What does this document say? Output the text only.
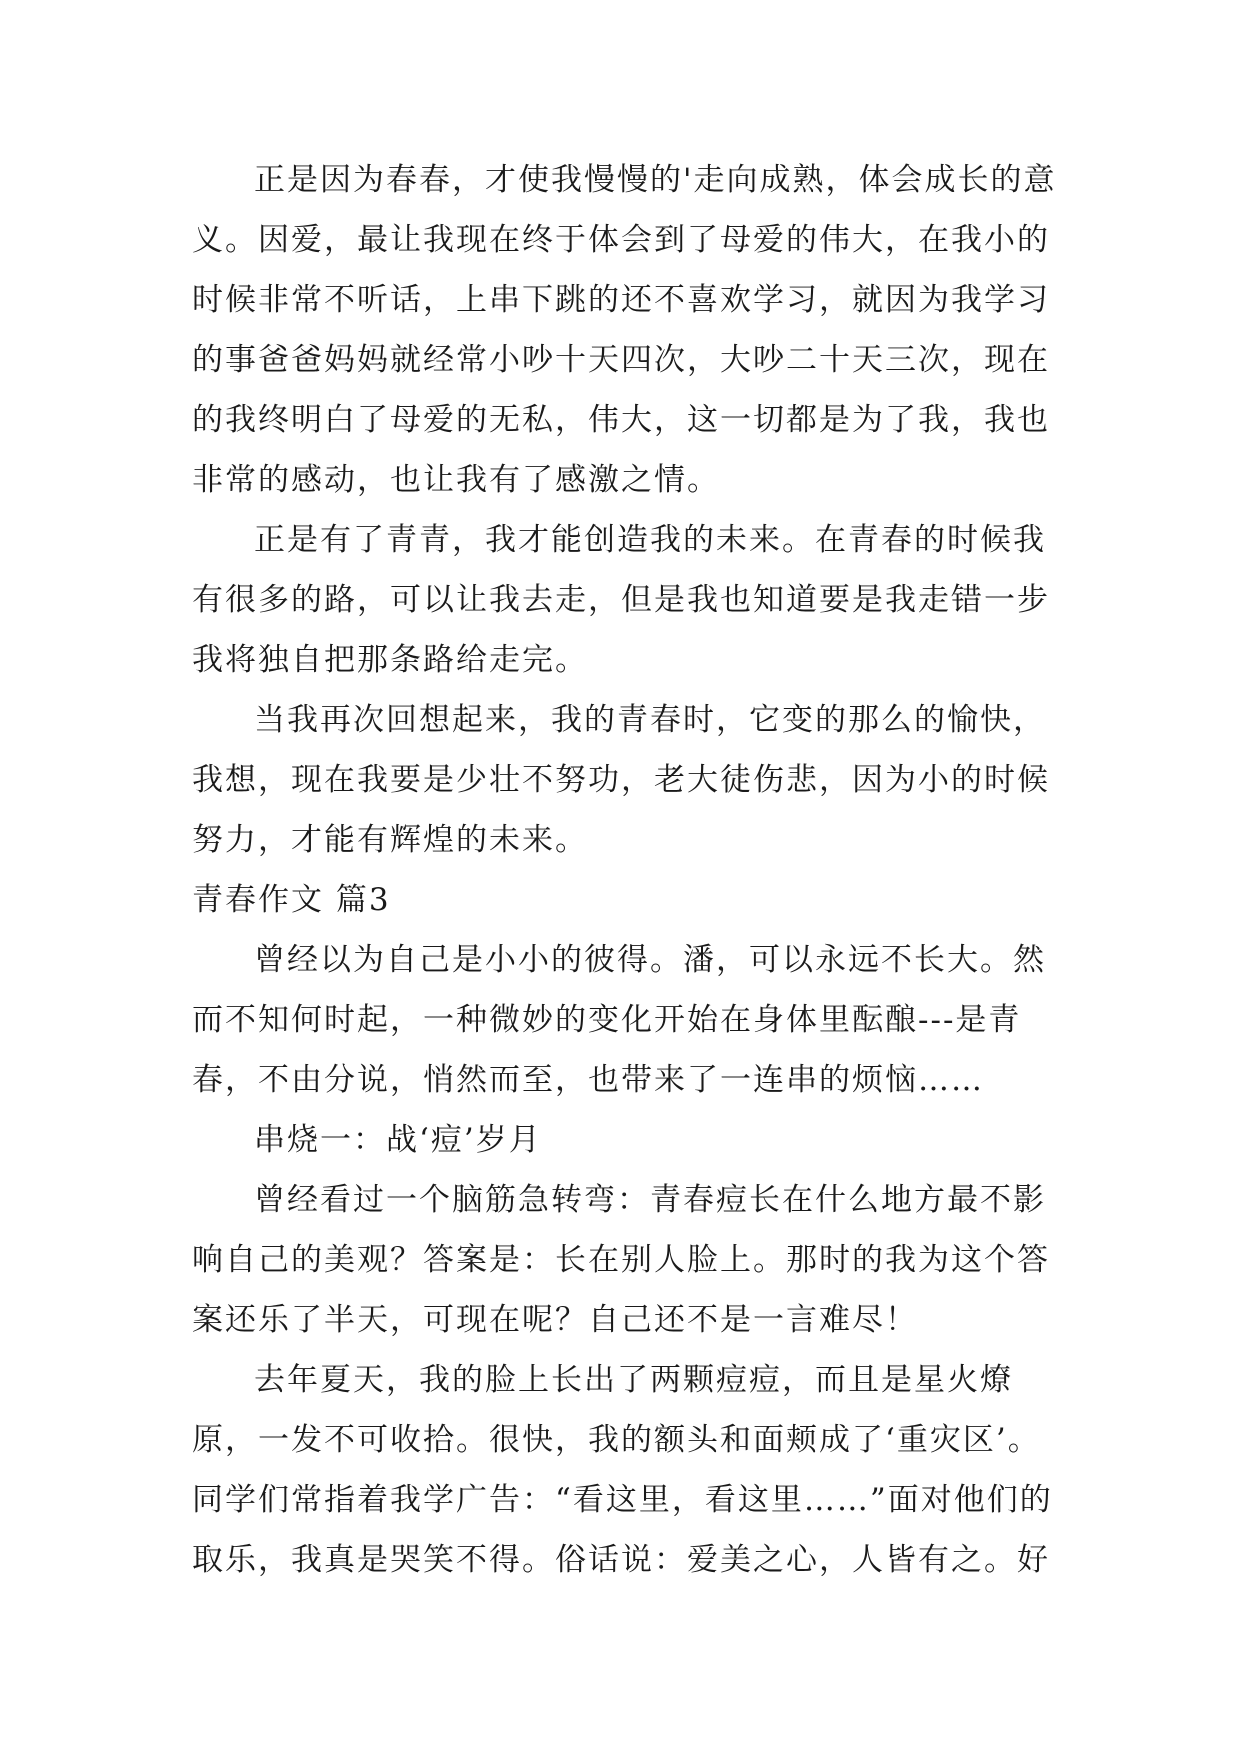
正是因为春春，才使我慢慢的'走向成熟，体会成长的意义。因爱，最让我现在终于体会到了母爱的伟大，在我小的时候非常不听话，上串下跳的还不喜欢学习，就因为我学习的事爸爸妈妈就经常小吵十天四次，大吵二十天三次，现在的我终明白了母爱的无私，伟大，这一切都是为了我，我也非常的感动，也让我有了感激之情。

正是有了青青，我才能创造我的未来。在青春的时候我有很多的路，可以让我去走，但是我也知道要是我走错一步我将独自把那条路给走完。

当我再次回想起来，我的青春时，它变的那么的愉快，我想，现在我要是少壮不努功，老大徒伤悲，因为小的时候努力，才能有辉煌的未来。

青春作文 篇3

曾经以为自己是小小的彼得。潘，可以永远不长大。然而不知何时起，一种微妙的变化开始在身体里酝酿---是青春，不由分说，悄然而至，也带来了一连串的烦恼……

串烧一：战‘痘’岁月

曾经看过一个脑筋急转弯：青春痘长在什么地方最不影响自己的美观？答案是：长在别人脸上。那时的我为这个答案还乐了半天，可现在呢？自己还不是一言难尽！

去年夏天，我的脸上长出了两颗痘痘，而且是星火燎原，一发不可收拾。很快，我的额头和面颊成了‘重灾区’。同学们常指着我学广告：“看这里，看这里……”面对他们的取乐，我真是哭笑不得。俗话说：爱美之心，人皆有之。好
